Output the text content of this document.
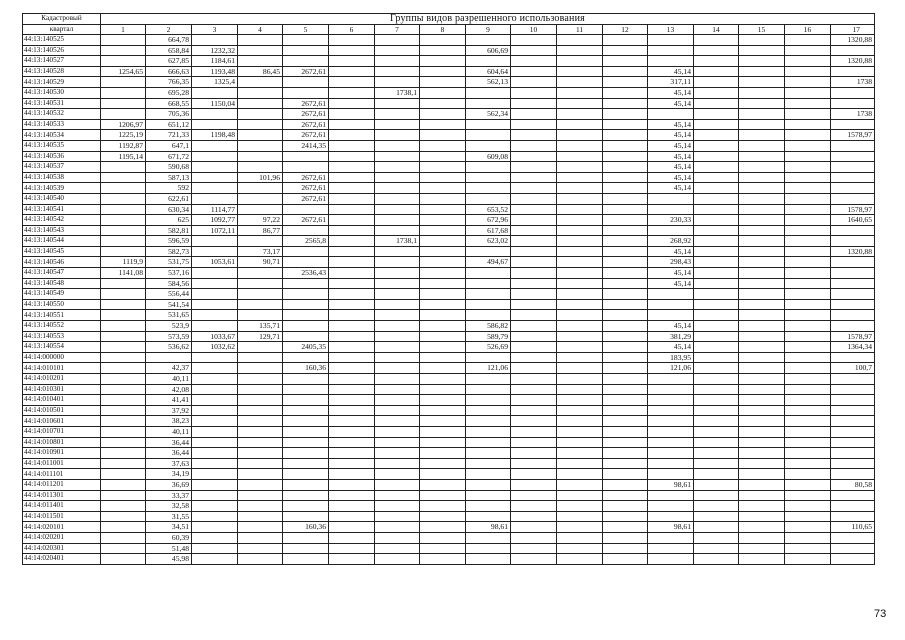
Кадастровый	Группы видов разрешенного использования																
квартал	1	2	3	4	5	6	7	8	9	10	11	12	13	14	15	16	17
44:13:140525		664,78															1320,88
44:13:140526		658,84	1232,32						606,69								
44:13:140527		627,85	1184,61														1320,88
44:13:140528	1254,65	666,63	1193,48	86,45	2672,61				604,64				45,14				
44:13:140529		766,35	1325,4						562,13				317,11				1738
44:13:140530		695,28					1738,1						45,14				
44:13:140531		668,55	1150,04		2672,61								45,14				
44:13:140532		705,36			2672,61				562,34								1738
44:13:140533	1206,97	651,12			2672,61								45,14				
44:13:140534	1225,19	721,33	1198,48		2672,61								45,14				1578,97
44:13:140535	1192,87	647,1			2414,35								45,14				
44:13:140536	1195,14	671,72							609,08				45,14				
44:13:140537		590,68											45,14				
44:13:140538		587,13		101,96	2672,61								45,14				
44:13:140539		592			2672,61								45,14				
44:13:140540		622,61			2672,61												
44:13:140541		630,34	1114,77						653,52								1578,97
44:13:140542		625	1092,77	97,22	2672,61				672,96				230,33				1640,65
44:13:140543		582,81	1072,11	86,77					617,68								
44:13:140544		596,59			2565,8		1738,1		623,02				268,92				
44:13:140545		582,73		73,17									45,14				1320,88
44:13:140546	1119,9	531,75	1053,61	90,71					494,67				298,43				
44:13:140547	1141,08	537,16			2536,43								45,14				
44:13:140548		584,56											45,14				
44:13:140549		556,44															
44:13:140550		541,54															
44:13:140551		531,65															
44:13:140552		523,9		135,71					586,82				45,14				
44:13:140553		573,59	1033,67	129,71					589,79				381,29				1578,97
44:13:140554		536,62	1032,62		2405,35				526,69				45,14				1364,34
44:14:000000													183,95				
44:14:010101		42,37			160,36				121,06				121,06				100,7
44:14:010201		40,11															
44:14:010301		42,08															
44:14:010401		41,41															
44:14:010501		37,92															
44:14:010601		38,23															
44:14:010701		40,11															
44:14:010801		36,44															
44:14:010901		36,44															
44:14:011001		37,63															
44:14:011101		34,19															
44:14:011201		36,69											98,61				80,58
44:14:011301		33,37															
44:14:011401		32,58															
44:14:011501		31,55															
44:14:020101		34,51			160,36				98,61				98,61				110,65
44:14:020201		60,39															
44:14:020301		51,48															
44:14:020401		45,98															
73
